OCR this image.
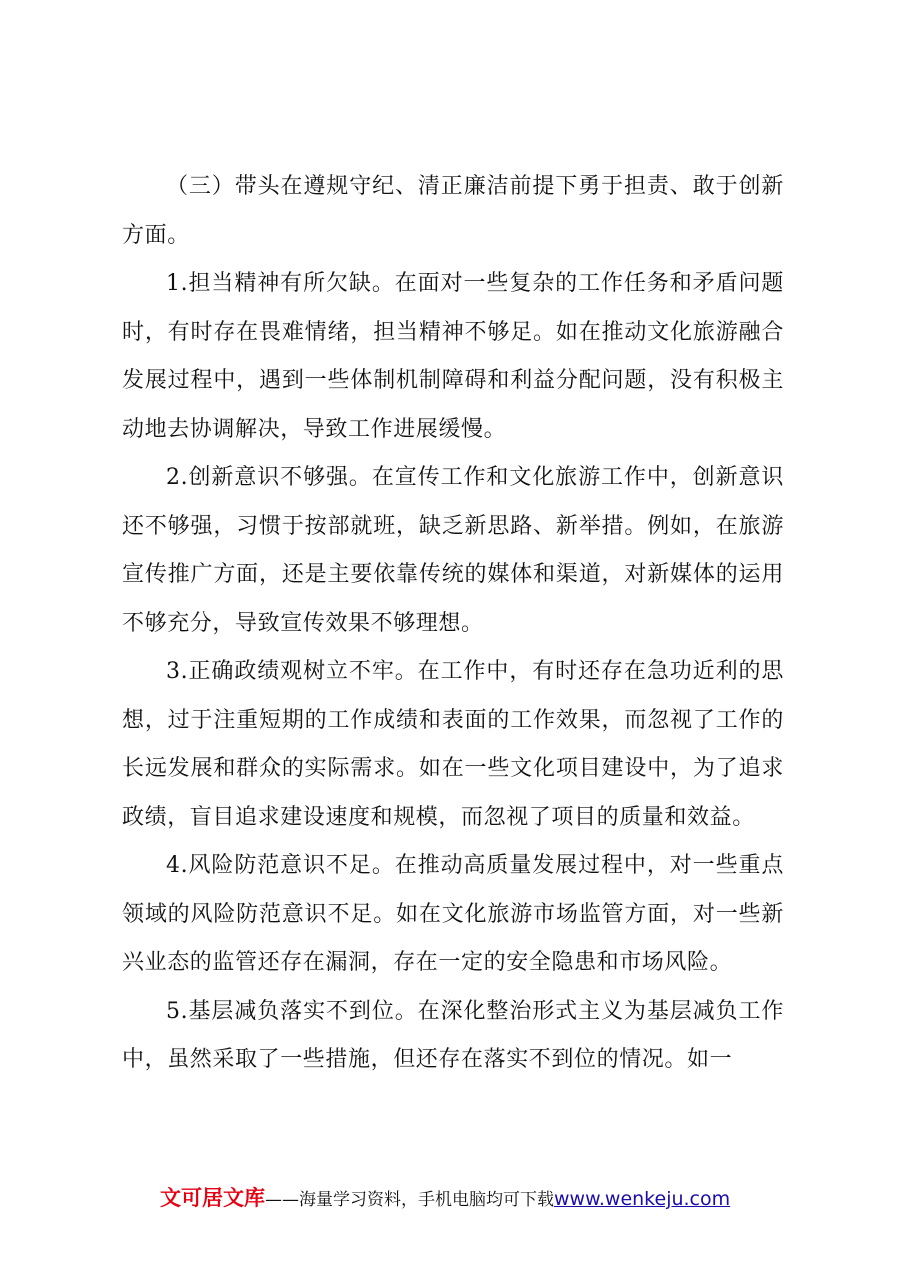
（三）带头在遵规守纪、清正廉洁前提下勇于担责、敢于创新方面。

1.担当精神有所欠缺。在面对一些复杂的工作任务和矛盾问题时，有时存在畏难情绪，担当精神不够足。如在推动文化旅游融合发展过程中，遇到一些体制机制障碍和利益分配问题，没有积极主动地去协调解决，导致工作进展缓慢。

2.创新意识不够强。在宣传工作和文化旅游工作中，创新意识还不够强，习惯于按部就班，缺乏新思路、新举措。例如，在旅游宣传推广方面，还是主要依靠传统的媒体和渠道，对新媒体的运用不够充分，导致宣传效果不够理想。

3.正确政绩观树立不牢。在工作中，有时还存在急功近利的思想，过于注重短期的工作成绩和表面的工作效果，而忽视了工作的长远发展和群众的实际需求。如在一些文化项目建设中，为了追求政绩，盲目追求建设速度和规模，而忽视了项目的质量和效益。

4.风险防范意识不足。在推动高质量发展过程中，对一些重点领域的风险防范意识不足。如在文化旅游市场监管方面，对一些新兴业态的监管还存在漏洞，存在一定的安全隐患和市场风险。

5.基层减负落实不到位。在深化整治形式主义为基层减负工作中，虽然采取了一些措施，但还存在落实不到位的情况。如一

文可居文库——海量学习资料，手机电脑均可下载www.wenkeju.com
